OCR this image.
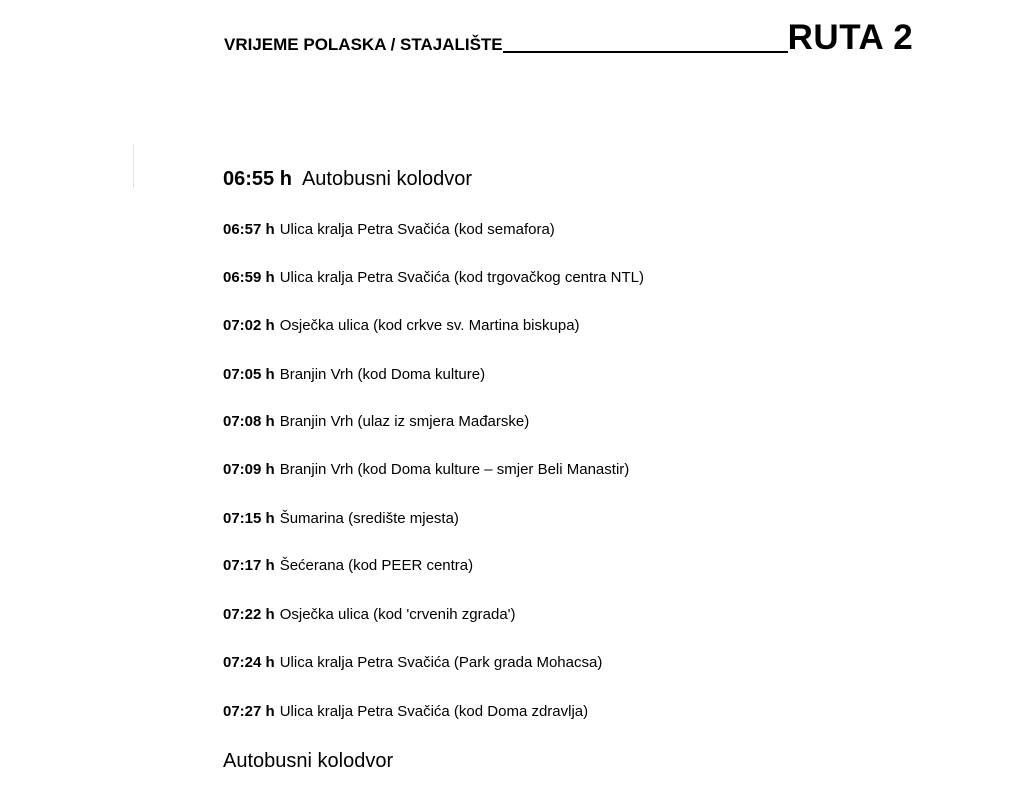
VRIJEME POLASKA / STAJALIŠTE	RUTA 2
06:55 h Autobusni kolodvor
06:57 h Ulica kralja Petra Svačića (kod semafora)
06:59 h Ulica kralja Petra Svačića (kod trgovačkog centra NTL)
07:02 h Osječka ulica (kod crkve sv. Martina biskupa)
07:05 h Branjin Vrh (kod Doma kulture)
07:08 h Branjin Vrh (ulaz iz smjera Mađarske)
07:09 h Branjin Vrh (kod Doma kulture – smjer Beli Manastir)
07:15 h Šumarina (središte mjesta)
07:17 h Šećerana (kod PEER centra)
07:22 h Osječka ulica (kod 'crvenih zgrada')
07:24 h Ulica kralja Petra Svačića (Park grada Mohacsa)
07:27 h Ulica kralja Petra Svačića (kod Doma zdravlja)
Autobusni kolodvor
